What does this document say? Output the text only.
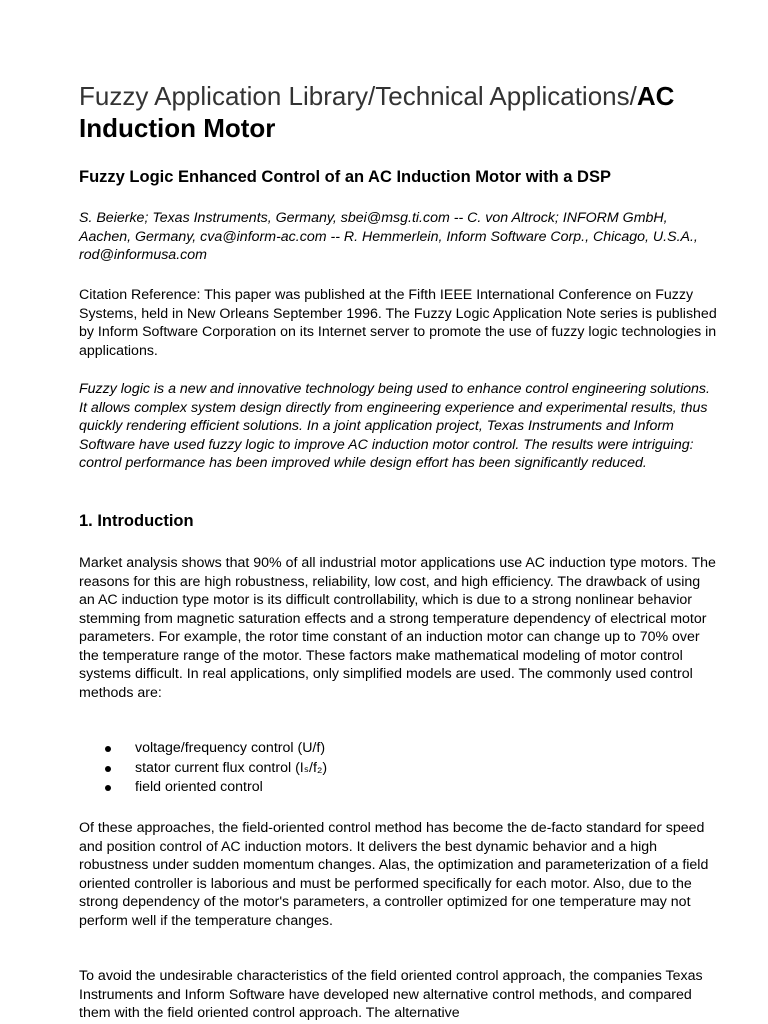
Fuzzy Application Library/Technical Applications/AC Induction Motor
Fuzzy Logic Enhanced Control of an AC Induction Motor with a DSP

S. Beierke; Texas Instruments, Germany, sbei@msg.ti.com -- C. von Altrock; INFORM GmbH, Aachen, Germany, cva@inform-ac.com -- R. Hemmerlein, Inform Software Corp., Chicago, U.S.A., rod@informusa.com

Citation Reference: This paper was published at the Fifth IEEE International Conference on Fuzzy Systems, held in New Orleans September 1996. The Fuzzy Logic Application Note series is published by Inform Software Corporation on its Internet server to promote the use of fuzzy logic technologies in applications.

Fuzzy logic is a new and innovative technology being used to enhance control engineering solutions. It allows complex system design directly from engineering experience and experimental results, thus quickly rendering efficient solutions. In a joint application project, Texas Instruments and Inform Software have used fuzzy logic to improve AC induction motor control. The results were intriguing: control performance has been improved while design effort has been significantly reduced.

1. Introduction

Market analysis shows that 90% of all industrial motor applications use AC induction type motors. The reasons for this are high robustness, reliability, low cost, and high efficiency. The drawback of using an AC induction type motor is its difficult controllability, which is due to a strong nonlinear behavior stemming from magnetic saturation effects and a strong temperature dependency of electrical motor parameters. For example, the rotor time constant of an induction motor can change up to 70% over the temperature range of the motor. These factors make mathematical modeling of motor control systems difficult. In real applications, only simplified models are used. The commonly used control methods are:

voltage/frequency control (U/f)
stator current flux control (Iₛ/f₂)
field oriented control

Of these approaches, the field-oriented control method has become the de-facto standard for speed and position control of AC induction motors. It delivers the best dynamic behavior and a high robustness under sudden momentum changes. Alas, the optimization and parameterization of a field oriented controller is laborious and must be performed specifically for each motor. Also, due to the strong dependency of the motor's parameters, a controller optimized for one temperature may not perform well if the temperature changes.

To avoid the undesirable characteristics of the field oriented control approach, the companies Texas Instruments and Inform Software have developed new alternative control methods, and compared them with the field oriented control approach. The alternative
